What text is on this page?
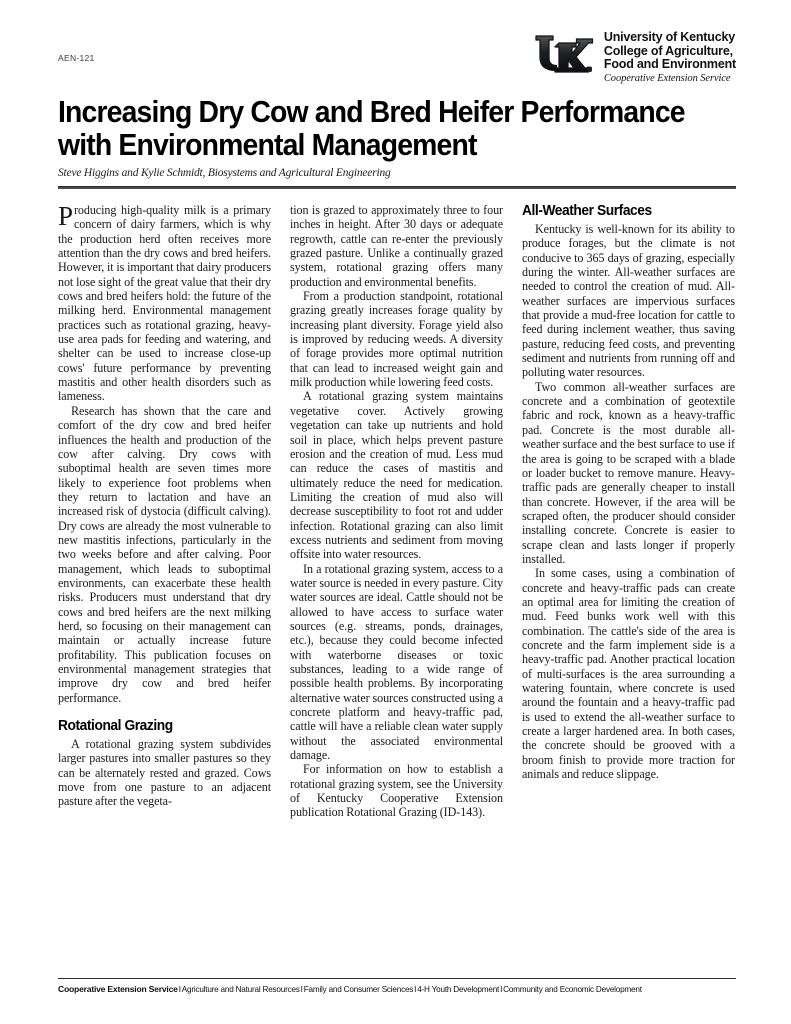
AEN-121
University of Kentucky
College of Agriculture,
Food and Environment
Cooperative Extension Service
Increasing Dry Cow and Bred Heifer Performance with Environmental Management
Steve Higgins and Kylie Schmidt, Biosystems and Agricultural Engineering

Producing high-quality milk is a primary concern of dairy farmers, which is why the production herd often receives more attention than the dry cows and bred heifers. However, it is important that dairy producers not lose sight of the great value that their dry cows and bred heifers hold: the future of the milking herd. Environmental management practices such as rotational grazing, heavy-use area pads for feeding and watering, and shelter can be used to increase close-up cows' future performance by preventing mastitis and other health disorders such as lameness.

Research has shown that the care and comfort of the dry cow and bred heifer influences the health and production of the cow after calving. Dry cows with suboptimal health are seven times more likely to experience foot problems when they return to lactation and have an increased risk of dystocia (difficult calving). Dry cows are already the most vulnerable to new mastitis infections, particularly in the two weeks before and after calving. Poor management, which leads to suboptimal environments, can exacerbate these health risks. Producers must understand that dry cows and bred heifers are the next milking herd, so focusing on their management can maintain or actually increase future profitability. This publication focuses on environmental management strategies that improve dry cow and bred heifer performance.

Rotational Grazing

A rotational grazing system subdivides larger pastures into smaller pastures so they can be alternately rested and grazed. Cows move from one pasture to an adjacent pasture after the vegeta-

tion is grazed to approximately three to four inches in height. After 30 days or adequate regrowth, cattle can re-enter the previously grazed pasture. Unlike a continually grazed system, rotational grazing offers many production and environmental benefits.

From a production standpoint, rotational grazing greatly increases forage quality by increasing plant diversity. Forage yield also is improved by reducing weeds. A diversity of forage provides more optimal nutrition that can lead to increased weight gain and milk production while lowering feed costs.

A rotational grazing system maintains vegetative cover. Actively growing vegetation can take up nutrients and hold soil in place, which helps prevent pasture erosion and the creation of mud. Less mud can reduce the cases of mastitis and ultimately reduce the need for medication. Limiting the creation of mud also will decrease susceptibility to foot rot and udder infection. Rotational grazing can also limit excess nutrients and sediment from moving offsite into water resources.

In a rotational grazing system, access to a water source is needed in every pasture. City water sources are ideal. Cattle should not be allowed to have access to surface water sources (e.g. streams, ponds, drainages, etc.), because they could become infected with waterborne diseases or toxic substances, leading to a wide range of possible health problems. By incorporating alternative water sources constructed using a concrete platform and heavy-traffic pad, cattle will have a reliable clean water supply without the associated environmental damage.

For information on how to establish a rotational grazing system, see the University of Kentucky Cooperative Extension publication Rotational Grazing (ID-143).

All-Weather Surfaces

Kentucky is well-known for its ability to produce forages, but the climate is not conducive to 365 days of grazing, especially during the winter. All-weather surfaces are needed to control the creation of mud. All-weather surfaces are impervious surfaces that provide a mud-free location for cattle to feed during inclement weather, thus saving pasture, reducing feed costs, and preventing sediment and nutrients from running off and polluting water resources.

Two common all-weather surfaces are concrete and a combination of geotextile fabric and rock, known as a heavy-traffic pad. Concrete is the most durable all-weather surface and the best surface to use if the area is going to be scraped with a blade or loader bucket to remove manure. Heavy-traffic pads are generally cheaper to install than concrete. However, if the area will be scraped often, the producer should consider installing concrete. Concrete is easier to scrape clean and lasts longer if properly installed.

In some cases, using a combination of concrete and heavy-traffic pads can create an optimal area for limiting the creation of mud. Feed bunks work well with this combination. The cattle's side of the area is concrete and the farm implement side is a heavy-traffic pad. Another practical location of multi-surfaces is the area surrounding a watering fountain, where concrete is used around the fountain and a heavy-traffic pad is used to extend the all-weather surface to create a larger hardened area. In both cases, the concrete should be grooved with a broom finish to provide more traction for animals and reduce slippage.

Cooperative Extension ServiceIAgriculture and Natural ResourcesIFamily and Consumer SciencesI4-H Youth DevelopmentICommunity and Economic Development
